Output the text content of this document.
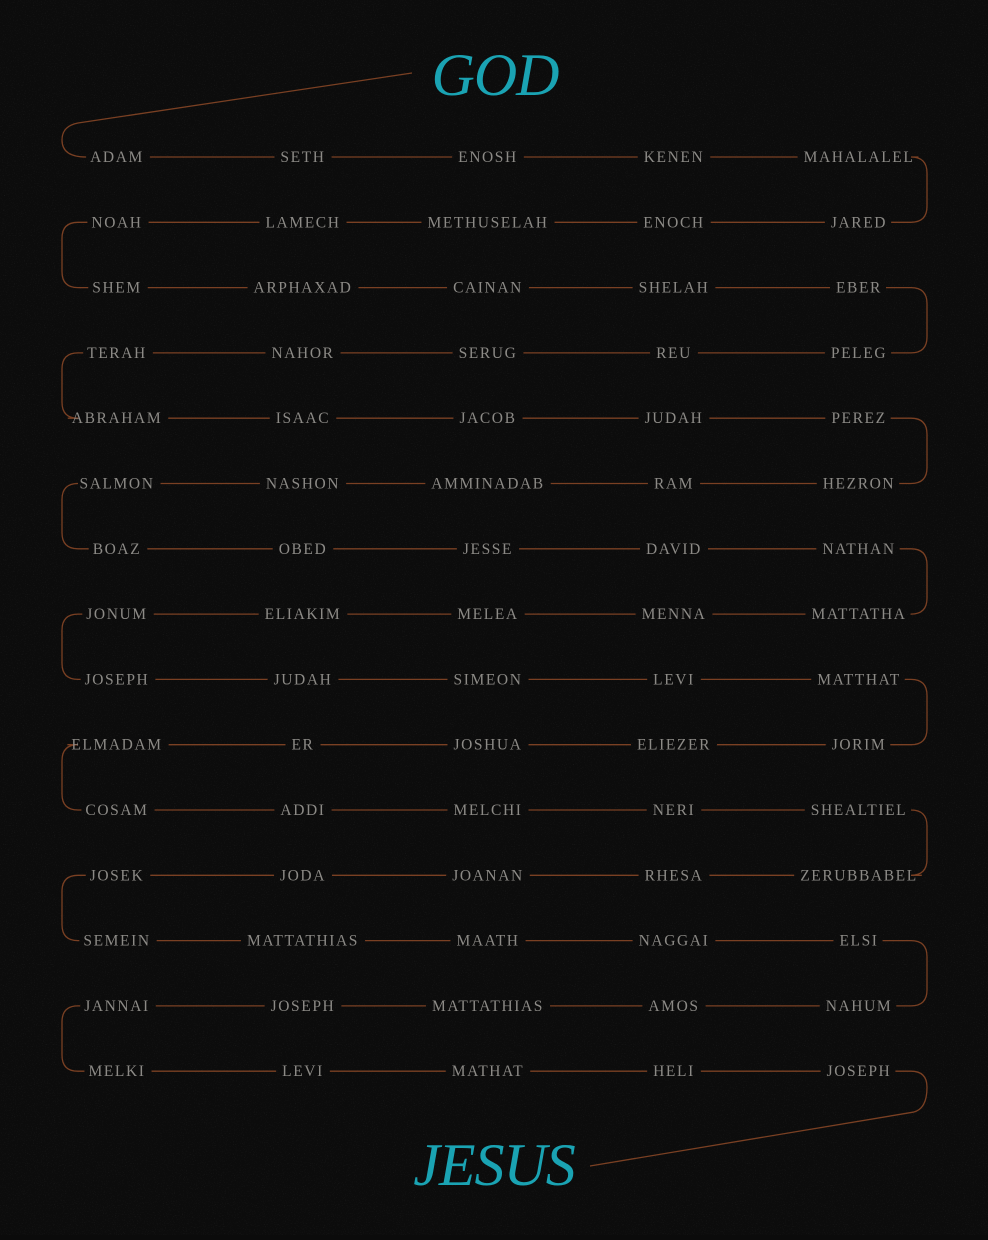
ADAM	SETH	ENOSH	KENEN	MAHALALEL
NOAH	LAMECH	METHUSELAH	ENOCH	JARED
SHEM	ARPHAXAD	CAINAN	SHELAH	EBER
TERAH	NAHOR	SERUG	REU	PELEG
ABRAHAM	ISAAC	JACOB	JUDAH	PEREZ
SALMON	NASHON	AMMINADAB	RAM	HEZRON
BOAZ	OBED	JESSE	DAVID	NATHAN
JONUM	ELIAKIM	MELEA	MENNA	MATTATHA
JOSEPH	JUDAH	SIMEON	LEVI	MATTHAT
ELMADAM	ER	JOSHUA	ELIEZER	JORIM
COSAM	ADDI	MELCHI	NERI	SHEALTIEL
JOSEK	JODA	JOANAN	RHESA	ZERUBBABEL
SEMEIN	MATTATHIAS	MAATH	NAGGAI	ELSI
JANNAI	JOSEPH	MATTATHIAS	AMOS	NAHUM
MELKI	LEVI	MATHAT	HELI	JOSEPH
GOD
JESUS
